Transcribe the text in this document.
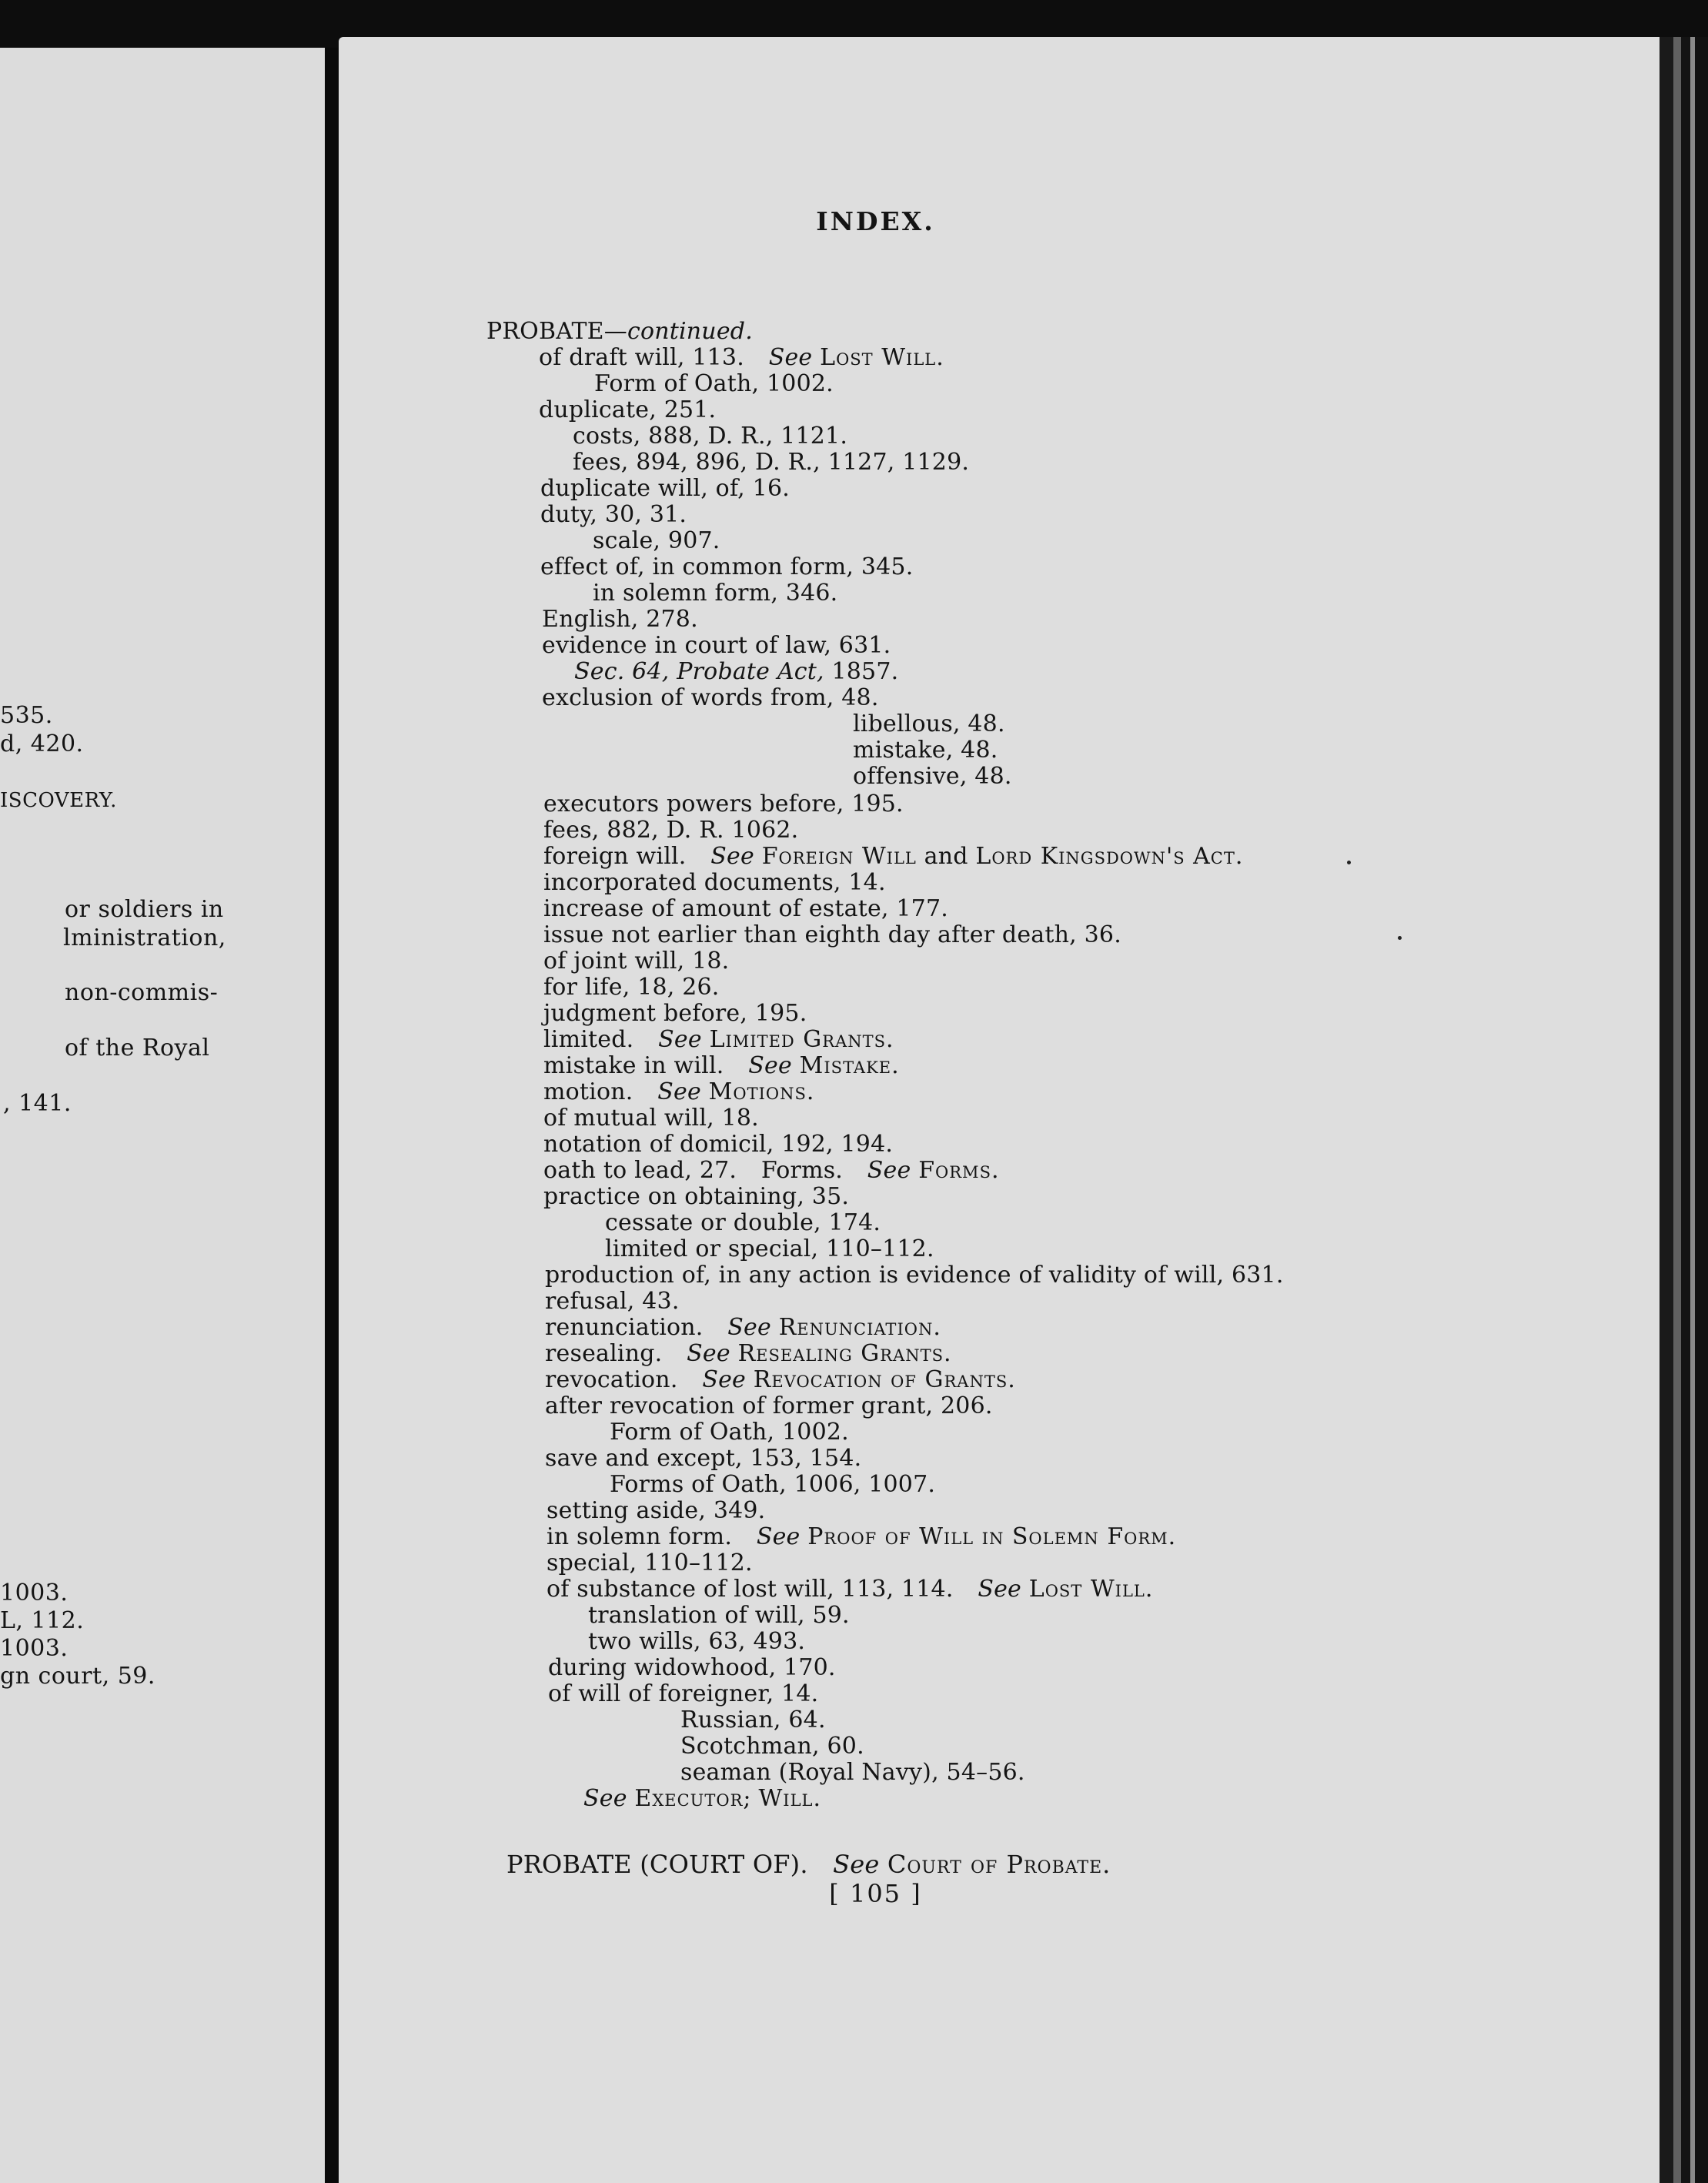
535.
d, 420.
ISCOVERY.
or soldiers in
lministration,
non-commis-
of the Royal
, 141.
1003.
L, 112.
1003.
gn court, 59.
INDEX.
PROBATE—continued.
of draft will, 113. See Lost Will.
Form of Oath, 1002.
duplicate, 251.
costs, 888, D. R., 1121.
fees, 894, 896, D. R., 1127, 1129.
duplicate will, of, 16.
duty, 30, 31.
scale, 907.
effect of, in common form, 345.
in solemn form, 346.
English, 278.
evidence in court of law, 631.
Sec. 64, Probate Act, 1857.
exclusion of words from, 48.
libellous, 48.
mistake, 48.
offensive, 48.
executors powers before, 195.
fees, 882, D. R. 1062.
foreign will. See Foreign Will and Lord Kingsdown's Act.
incorporated documents, 14.
increase of amount of estate, 177.
issue not earlier than eighth day after death, 36.
of joint will, 18.
for life, 18, 26.
judgment before, 195.
limited. See Limited Grants.
mistake in will. See Mistake.
motion. See Motions.
of mutual will, 18.
notation of domicil, 192, 194.
oath to lead, 27. Forms. See Forms.
practice on obtaining, 35.
cessate or double, 174.
limited or special, 110–112.
production of, in any action is evidence of validity of will, 631.
refusal, 43.
renunciation. See Renunciation.
resealing. See Resealing Grants.
revocation. See Revocation of Grants.
after revocation of former grant, 206.
Form of Oath, 1002.
save and except, 153, 154.
Forms of Oath, 1006, 1007.
setting aside, 349.
in solemn form. See Proof of Will in Solemn Form.
special, 110–112.
of substance of lost will, 113, 114. See Lost Will.
translation of will, 59.
two wills, 63, 493.
during widowhood, 170.
of will of foreigner, 14.
Russian, 64.
Scotchman, 60.
seaman (Royal Navy), 54–56.
See Executor; Will.
PROBATE (COURT OF). See Court of Probate.
[ 105 ]
